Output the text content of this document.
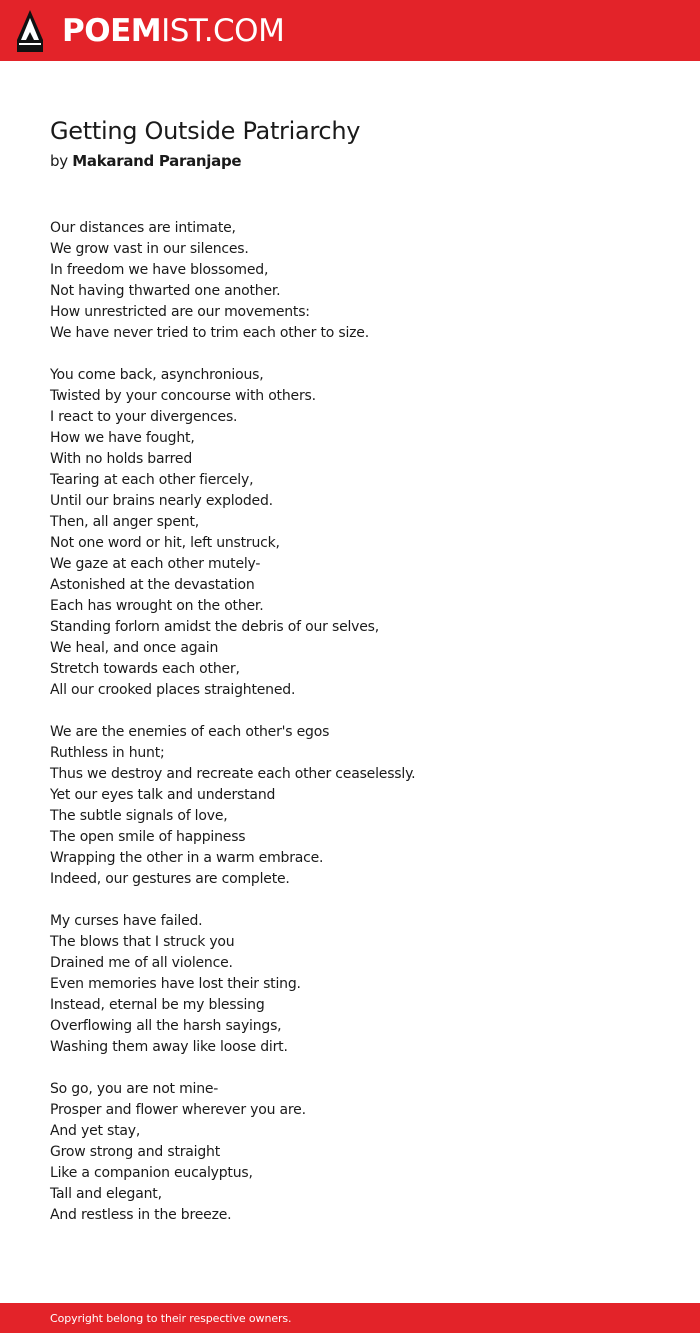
POEMIST.COM
Getting Outside Patriarchy
by Makarand Paranjape
Our distances are intimate,
We grow vast in our silences.
In freedom we have blossomed,
Not having thwarted one another.
How unrestricted are our movements:
We have never tried to trim each other to size.
You come back, asynchronious,
Twisted by your concourse with others.
I react to your divergences.
How we have fought,
With no holds barred
Tearing at each other fiercely,
Until our brains nearly exploded.
Then, all anger spent,
Not one word or hit, left unstruck,
We gaze at each other mutely-
Astonished at the devastation
Each has wrought on the other.
Standing forlorn amidst the debris of our selves,
We heal, and once again
Stretch towards each other,
All our crooked places straightened.
We are the enemies of each other's egos
Ruthless in hunt;
Thus we destroy and recreate each other ceaselessly.
Yet our eyes talk and understand
The subtle signals of love,
The open smile of happiness
Wrapping the other in a warm embrace.
Indeed, our gestures are complete.
My curses have failed.
The blows that I struck you
Drained me of all violence.
Even memories have lost their sting.
Instead, eternal be my blessing
Overflowing all the harsh sayings,
Washing them away like loose dirt.
So go, you are not mine-
Prosper and flower wherever you are.
And yet stay,
Grow strong and straight
Like a companion eucalyptus,
Tall and elegant,
And restless in the breeze.
Copyright belong to their respective owners.
